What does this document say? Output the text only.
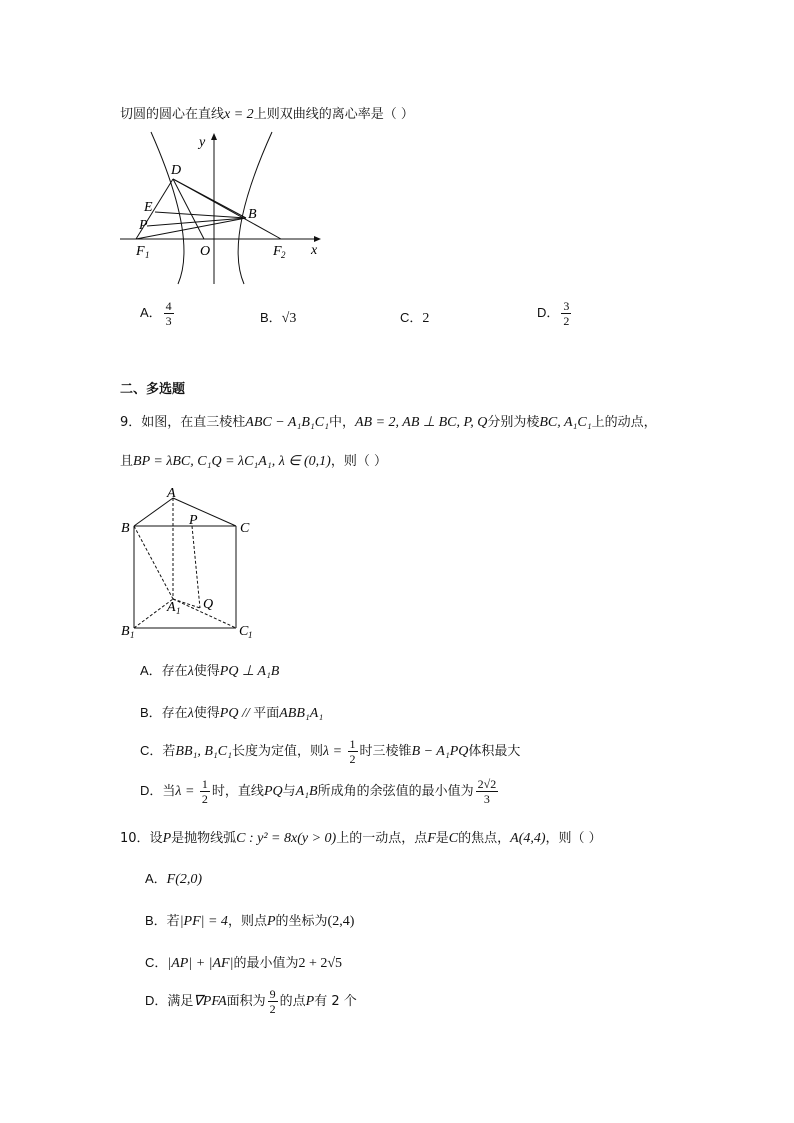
切圆的圆心在直线x = 2上则双曲线的离心率是（ ）
y
x
D
E
P
B
F 1	O	F 2
A． $\frac{4}{3}$	B．√3	C．2	D． $\frac{3}{2}$
二、多选题
9．如图，在直三棱柱ABC − A₁B₁C₁中，AB = 2, AB ⊥ BC, P, Q分别为棱BC, A₁C₁上的动点，
且BP = λBC, C₁Q = λC₁A₁, λ ∈ (0,1)，则（ ）
A
B	C
P
A 1 Q
B 1	C 1
A．存在λ使得PQ ⊥ A₁B
B．存在λ使得PQ // 平面ABB₁A₁
C．若BB₁, B₁C₁长度为定值，则$\lambda = \frac{1}{2}$ 时三棱锥B − A₁PQ体积最大
D．当$\lambda = \frac{1}{2}$ 时，直线PQ与A₁B所成角的余弦值的最小值为 $\frac{2√2}{3}$
10．设P是抛物线弧C : y² = 8x(y > 0)上的一动点，点F是C的焦点，A(4,4)，则（ ）
A．F(2,0)
B．若|PF| = 4，则点P的坐标为(2,4)
C．|AP| + |AF|的最小值为2 + 2√5
D．满足∇PFA面积为 $\frac{9}{2}$ 的点P有 2 个
